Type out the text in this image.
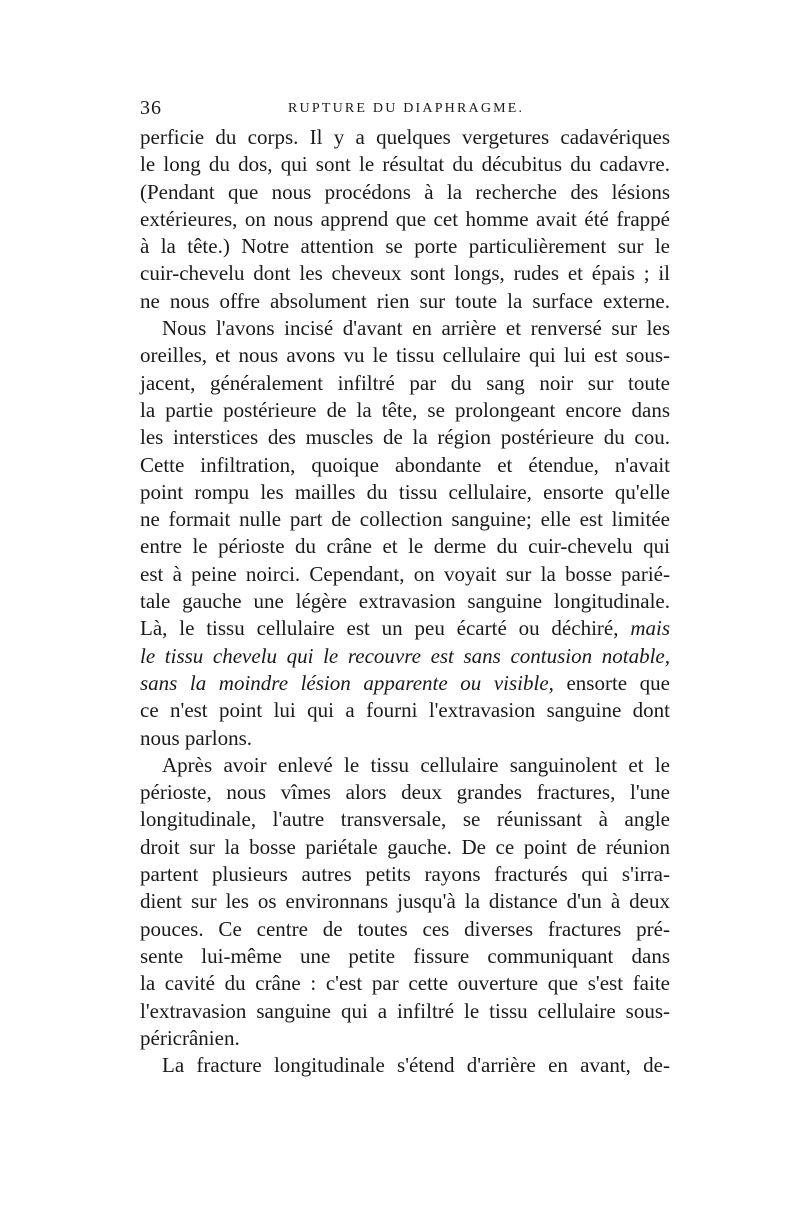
36	RUPTURE DU DIAPHRAGME.
perficie du corps. Il y a quelques vergetures cadavériques
le long du dos, qui sont le résultat du décubitus du cadavre.
(Pendant que nous procédons à la recherche des lésions
extérieures, on nous apprend que cet homme avait été frappé
à la tête.) Notre attention se porte particulièrement sur le
cuir-chevelu dont les cheveux sont longs, rudes et épais ; il
ne nous offre absolument rien sur toute la surface externe.
Nous l'avons incisé d'avant en arrière et renversé sur les
oreilles, et nous avons vu le tissu cellulaire qui lui est sous-
jacent, généralement infiltré par du sang noir sur toute
la partie postérieure de la tête, se prolongeant encore dans
les interstices des muscles de la région postérieure du cou.
Cette infiltration, quoique abondante et étendue, n'avait
point rompu les mailles du tissu cellulaire, ensorte qu'elle
ne formait nulle part de collection sanguine; elle est limitée
entre le périoste du crâne et le derme du cuir-chevelu qui
est à peine noirci. Cependant, on voyait sur la bosse parié-
tale gauche une légère extravasion sanguine longitudinale.
Là, le tissu cellulaire est un peu écarté ou déchiré, mais
le tissu chevelu qui le recouvre est sans contusion notable,
sans la moindre lésion apparente ou visible, ensorte que
ce n'est point lui qui a fourni l'extravasion sanguine dont
nous parlons.
Après avoir enlevé le tissu cellulaire sanguinolent et le
périoste, nous vîmes alors deux grandes fractures, l'une
longitudinale, l'autre transversale, se réunissant à angle
droit sur la bosse pariétale gauche. De ce point de réunion
partent plusieurs autres petits rayons fracturés qui s'irra-
dient sur les os environnans jusqu'à la distance d'un à deux
pouces. Ce centre de toutes ces diverses fractures pré-
sente lui-même une petite fissure communiquant dans
la cavité du crâne : c'est par cette ouverture que s'est faite
l'extravasion sanguine qui a infiltré le tissu cellulaire sous-
péricrânien.
La fracture longitudinale s'étend d'arrière en avant, de-
